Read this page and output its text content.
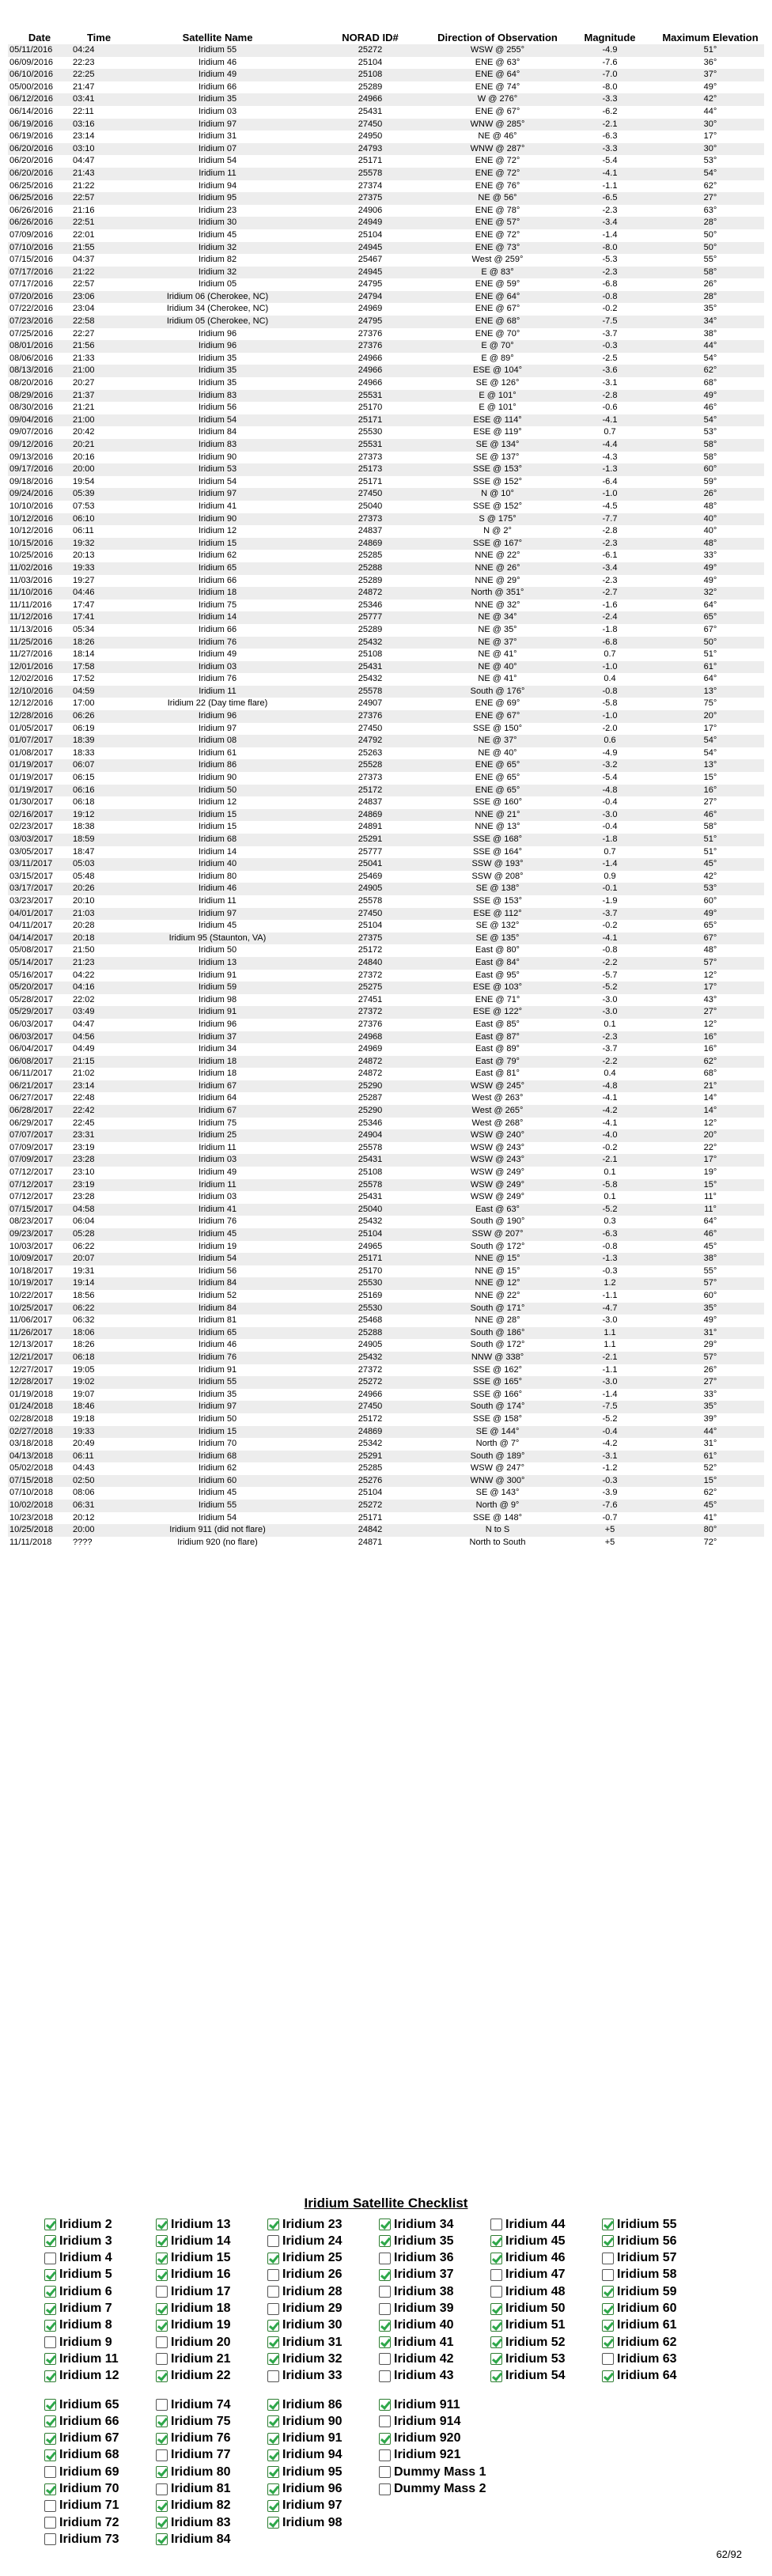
Date	Time	Satellite Name	NORAD ID#	Direction of Observation	Magnitude	Maximum Elevation
05/11/2016	04:24	Iridium 55	25272	WSW @ 255°	-4.9	51°
06/09/2016	22:23	Iridium 46	25104	ENE @ 63°	-7.6	36°
06/10/2016	22:25	Iridium 49	25108	ENE @ 64°	-7.0	37°
05/00/2016	21:47	Iridium 66	25289	ENE @ 74°	-8.0	49°
06/12/2016	03:41	Iridium 35	24966	W @ 276°	-3.3	42°
06/14/2016	22:11	Iridium 03	25431	ENE @ 67°	-6.2	44°
06/19/2016	03:16	Iridium 97	27450	WNW @ 285°	-2.1	30°
06/19/2016	23:14	Iridium 31	24950	NE @ 46°	-6.3	17°
06/20/2016	03:10	Iridium 07	24793	WNW @ 287°	-3.3	30°
06/20/2016	04:47	Iridium 54	25171	ENE @ 72°	-5.4	53°
06/20/2016	21:43	Iridium 11	25578	ENE @ 72°	-4.1	54°
06/25/2016	21:22	Iridium 94	27374	ENE @ 76°	-1.1	62°
06/25/2016	22:57	Iridium 95	27375	NE @ 56°	-6.5	27°
06/26/2016	21:16	Iridium 23	24906	ENE @ 78°	-2.3	63°
06/26/2016	22:51	Iridium 30	24949	ENE @ 57°	-3.4	28°
07/09/2016	22:01	Iridium 45	25104	ENE @ 72°	-1.4	50°
07/10/2016	21:55	Iridium 32	24945	ENE @ 73°	-8.0	50°
07/15/2016	04:37	Iridium 82	25467	West @ 259°	-5.3	55°
07/17/2016	21:22	Iridium 32	24945	E @ 83°	-2.3	58°
07/17/2016	22:57	Iridium 05	24795	ENE @ 59°	-6.8	26°
07/20/2016	23:06	Iridium 06 (Cherokee, NC)	24794	ENE @ 64°	-0.8	28°
07/22/2016	23:04	Iridium 34 (Cherokee, NC)	24969	ENE @ 67°	-0.2	35°
07/23/2016	22:58	Iridium 05 (Cherokee, NC)	24795	ENE @ 68°	-7.5	34°
07/25/2016	22:27	Iridium 96	27376	ENE @ 70°	-3.7	38°
08/01/2016	21:56	Iridium 96	27376	E @ 70°	-0.3	44°
08/06/2016	21:33	Iridium 35	24966	E @ 89°	-2.5	54°
08/13/2016	21:00	Iridium 35	24966	ESE @ 104°	-3.6	62°
08/20/2016	20:27	Iridium 35	24966	SE @ 126°	-3.1	68°
08/29/2016	21:37	Iridium 83	25531	E @ 101°	-2.8	49°
08/30/2016	21:21	Iridium 56	25170	E @ 101°	-0.6	46°
09/04/2016	21:00	Iridium 54	25171	ESE @ 114°	-4.1	54°
09/07/2016	20:42	Iridium 84	25530	ESE @ 119°	0.7	53°
09/12/2016	20:21	Iridium 83	25531	SE @ 134°	-4.4	58°
09/13/2016	20:16	Iridium 90	27373	SE @ 137°	-4.3	58°
09/17/2016	20:00	Iridium 53	25173	SSE @ 153°	-1.3	60°
09/18/2016	19:54	Iridium 54	25171	SSE @ 152°	-6.4	59°
09/24/2016	05:39	Iridium 97	27450	N @ 10°	-1.0	26°
10/10/2016	07:53	Iridium 41	25040	SSE @ 152°	-4.5	48°
10/12/2016	06:10	Iridium 90	27373	S @ 175°	-7.7	40°
10/12/2016	06:11	Iridium 12	24837	N @ 2°	-2.8	40°
10/15/2016	19:32	Iridium 15	24869	SSE @ 167°	-2.3	48°
10/25/2016	20:13	Iridium 62	25285	NNE @ 22°	-6.1	33°
11/02/2016	19:33	Iridium 65	25288	NNE @ 26°	-3.4	49°
11/03/2016	19:27	Iridium 66	25289	NNE @ 29°	-2.3	49°
11/10/2016	04:46	Iridium 18	24872	North @ 351°	-2.7	32°
11/11/2016	17:47	Iridium 75	25346	NNE @ 32°	-1.6	64°
11/12/2016	17:41	Iridium 14	25777	NE @ 34°	-2.4	65°
11/13/2016	05:34	Iridium 66	25289	NE @ 35°	-1.8	67°
11/25/2016	18:26	Iridium 76	25432	NE @ 37°	-6.8	50°
11/27/2016	18:14	Iridium 49	25108	NE @ 41°	0.7	51°
12/01/2016	17:58	Iridium 03	25431	NE @ 40°	-1.0	61°
12/02/2016	17:52	Iridium 76	25432	NE @ 41°	0.4	64°
12/10/2016	04:59	Iridium 11	25578	South @ 176°	-0.8	13°
12/12/2016	17:00	Iridium 22 (Day time flare)	24907	ENE @ 69°	-5.8	75°
12/28/2016	06:26	Iridium 96	27376	ENE @ 67°	-1.0	20°
01/05/2017	06:19	Iridium 97	27450	SSE @ 150°	-2.0	17°
01/07/2017	18:39	Iridium 08	24792	NE @ 37°	0.6	54°
01/08/2017	18:33	Iridium 61	25263	NE @ 40°	-4.9	54°
01/19/2017	06:07	Iridium 86	25528	ENE @ 65°	-3.2	13°
01/19/2017	06:15	Iridium 90	27373	ENE @ 65°	-5.4	15°
01/19/2017	06:16	Iridium 50	25172	ENE @ 65°	-4.8	16°
01/30/2017	06:18	Iridium 12	24837	SSE @ 160°	-0.4	27°
02/16/2017	19:12	Iridium 15	24869	NNE @ 21°	-3.0	46°
02/23/2017	18:38	Iridium 15	24891	NNE @ 13°	-0.4	58°
03/03/2017	18:59	Iridium 68	25291	SSE @ 168°	-1.8	51°
03/05/2017	18:47	Iridium 14	25777	SSE @ 164°	0.7	51°
03/11/2017	05:03	Iridium 40	25041	SSW @ 193°	-1.4	45°
03/15/2017	05:48	Iridium 80	25469	SSW @ 208°	0.9	42°
03/17/2017	20:26	Iridium 46	24905	SE @ 138°	-0.1	53°
03/23/2017	20:10	Iridium 11	25578	SSE @ 153°	-1.9	60°
04/01/2017	21:03	Iridium 97	27450	ESE @ 112°	-3.7	49°
04/11/2017	20:28	Iridium 45	25104	SE @ 132°	-0.2	65°
04/14/2017	20:18	Iridium 95 (Staunton, VA)	27375	SE @ 135°	-4.1	67°
05/08/2017	21:50	Iridium 50	25172	East @ 80°	-0.8	48°
05/14/2017	21:23	Iridium 13	24840	East @ 84°	-2.2	57°
05/16/2017	04:22	Iridium 91	27372	East @ 95°	-5.7	12°
05/20/2017	04:16	Iridium 59	25275	ESE @ 103°	-5.2	17°
05/28/2017	22:02	Iridium 98	27451	ENE @ 71°	-3.0	43°
05/29/2017	03:49	Iridium 91	27372	ESE @ 122°	-3.0	27°
06/03/2017	04:47	Iridium 96	27376	East @ 85°	0.1	12°
06/03/2017	04:56	Iridium 37	24968	East @ 87°	-2.3	16°
06/04/2017	04:49	Iridium 34	24969	East @ 89°	-3.7	16°
06/08/2017	21:15	Iridium 18	24872	East @ 79°	-2.2	62°
06/11/2017	21:02	Iridium 18	24872	East @ 81°	0.4	68°
06/21/2017	23:14	Iridium 67	25290	WSW @ 245°	-4.8	21°
06/27/2017	22:48	Iridium 64	25287	West @ 263°	-4.1	14°
06/28/2017	22:42	Iridium 67	25290	West @ 265°	-4.2	14°
06/29/2017	22:45	Iridium 75	25346	West @ 268°	-4.1	12°
07/07/2017	23:31	Iridium 25	24904	WSW @ 240°	-4.0	20°
07/09/2017	23:19	Iridium 11	25578	WSW @ 243°	-0.2	22°
07/09/2017	23:28	Iridium 03	25431	WSW @ 243°	-2.1	17°
07/12/2017	23:10	Iridium 49	25108	WSW @ 249°	0.1	19°
07/12/2017	23:19	Iridium 11	25578	WSW @ 249°	-5.8	15°
07/12/2017	23:28	Iridium 03	25431	WSW @ 249°	0.1	11°
07/15/2017	04:58	Iridium 41	25040	East @ 63°	-5.2	11°
08/23/2017	06:04	Iridium 76	25432	South @ 190°	0.3	64°
09/23/2017	05:28	Iridium 45	25104	SSW @ 207°	-6.3	46°
10/03/2017	06:22	Iridium 19	24965	South @ 172°	-0.8	45°
10/09/2017	20:07	Iridium 54	25171	NNE @ 15°	-1.3	38°
10/18/2017	19:31	Iridium 56	25170	NNE @ 15°	-0.3	55°
10/19/2017	19:14	Iridium 84	25530	NNE @ 12°	1.2	57°
10/22/2017	18:56	Iridium 52	25169	NNE @ 22°	-1.1	60°
10/25/2017	06:22	Iridium 84	25530	South @ 171°	-4.7	35°
11/06/2017	06:32	Iridium 81	25468	NNE @ 28°	-3.0	49°
11/26/2017	18:06	Iridium 65	25288	South @ 186°	1.1	31°
12/13/2017	18:26	Iridium 46	24905	South @ 172°	1.1	29°
12/21/2017	06:18	Iridium 76	25432	NNW @ 338°	-2.1	57°
12/27/2017	19:05	Iridium 91	27372	SSE @ 162°	-1.1	26°
12/28/2017	19:02	Iridium 55	25272	SSE @ 165°	-3.0	27°
01/19/2018	19:07	Iridium 35	24966	SSE @ 166°	-1.4	33°
01/24/2018	18:46	Iridium 97	27450	South @ 174°	-7.5	35°
02/28/2018	19:18	Iridium 50	25172	SSE @ 158°	-5.2	39°
02/27/2018	19:33	Iridium 15	24869	SE @ 144°	-0.4	44°
03/18/2018	20:49	Iridium 70	25342	North @ 7°	-4.2	31°
04/13/2018	06:11	Iridium 68	25291	South @ 189°	-3.1	61°
05/02/2018	04:43	Iridium 62	25285	WSW @ 247°	-1.2	52°
07/15/2018	02:50	Iridium 60	25276	WNW @ 300°	-0.3	15°
07/10/2018	08:06	Iridium 45	25104	SE @ 143°	-3.9	62°
10/02/2018	06:31	Iridium 55	25272	North @ 9°	-7.6	45°
10/23/2018	20:12	Iridium 54	25171	SSE @ 148°	-0.7	41°
10/25/2018	20:00	Iridium 911 (did not flare)	24842	N to S	+5	80°
11/11/2018	????	Iridium 920 (no flare)	24871	North to South	+5	72°
Iridium Satellite Checklist
Iridium 2
Iridium 3
Iridium 4
Iridium 5
Iridium 6
Iridium 7
Iridium 8
Iridium 9
Iridium 11
Iridium 12
Iridium 13
Iridium 14
Iridium 15
Iridium 16
Iridium 17
Iridium 18
Iridium 19
Iridium 20
Iridium 21
Iridium 22
Iridium 23
Iridium 24
Iridium 25
Iridium 26
Iridium 28
Iridium 29
Iridium 30
Iridium 31
Iridium 32
Iridium 33
Iridium 34
Iridium 35
Iridium 36
Iridium 37
Iridium 38
Iridium 39
Iridium 40
Iridium 41
Iridium 42
Iridium 43
Iridium 44
Iridium 45
Iridium 46
Iridium 47
Iridium 48
Iridium 50
Iridium 51
Iridium 52
Iridium 53
Iridium 54
Iridium 55
Iridium 56
Iridium 57
Iridium 58
Iridium 59
Iridium 60
Iridium 61
Iridium 62
Iridium 63
Iridium 64
Iridium 65
Iridium 66
Iridium 67
Iridium 68
Iridium 69
Iridium 70
Iridium 71
Iridium 72
Iridium 73
Iridium 74
Iridium 75
Iridium 76
Iridium 77
Iridium 80
Iridium 81
Iridium 82
Iridium 83
Iridium 84
Iridium 86
Iridium 90
Iridium 91
Iridium 94
Iridium 95
Iridium 96
Iridium 97
Iridium 98
Iridium 911
Iridium 914
Iridium 920
Iridium 921
Dummy Mass 1
Dummy Mass 2
62/92
